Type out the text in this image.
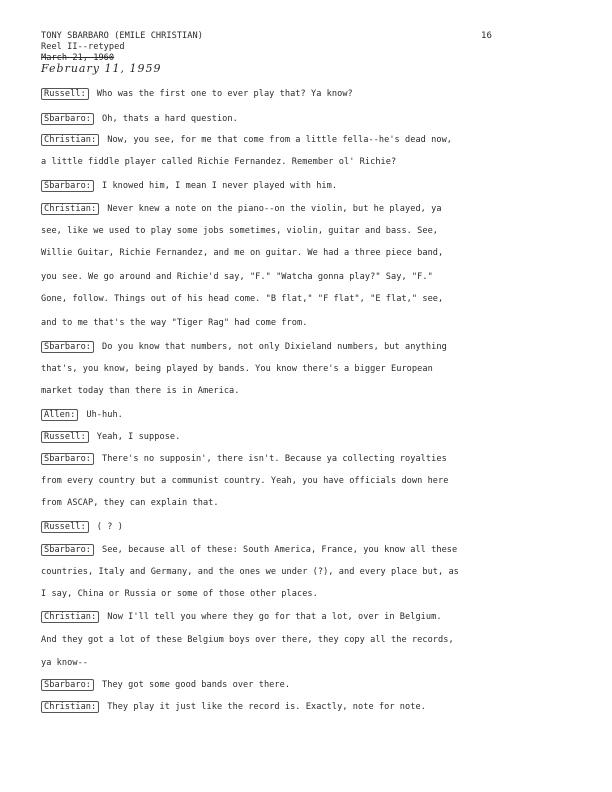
TONY SBARBARO (EMILE CHRISTIAN)
Reel II--retyped
March 21, 1960
February 11, 1959
16
Russell: Who was the first one to ever play that? Ya know?
Sbarbaro: Oh, thats a hard question.
Christian: Now, you see, for me that come from a little fella--he's dead now,
a little fiddle player called Richie Fernandez. Remember ol' Richie?
Sbarbaro: I knowed him, I mean I never played with him.
Christian: Never knew a note on the piano--on the violin, but he played, ya
see, like we used to play some jobs sometimes, violin, guitar and bass. See,
Willie Guitar, Richie Fernandez, and me on guitar. We had a three piece band,
you see. We go around and Richie'd say, "F." "Watcha gonna play?" Say, "F."
Gone, follow. Things out of his head come. "B flat," "F flat", "E flat," see,
and to me that's the way "Tiger Rag" had come from.
Sbarbaro: Do you know that numbers, not only Dixieland numbers, but anything
that's, you know, being played by bands. You know there's a bigger European
market today than there is in America.
Allen: Uh-huh.
Russell: Yeah, I suppose.
Sbarbaro: There's no supposin', there isn't. Because ya collecting royalties
from every country but a communist country. Yeah, you have officials down here
from ASCAP, they can explain that.
Russell: ( ? )
Sbarbaro: See, because all of these: South America, France, you know all these
countries, Italy and Germany, and the ones we under (?), and every place but, as
I say, China or Russia or some of those other places.
Christian: Now I'll tell you where they go for that a lot, over in Belgium.
And they got a lot of these Belgium boys over there, they copy all the records,
ya know--
Sbarbaro: They got some good bands over there.
Christian: They play it just like the record is. Exactly, note for note.
